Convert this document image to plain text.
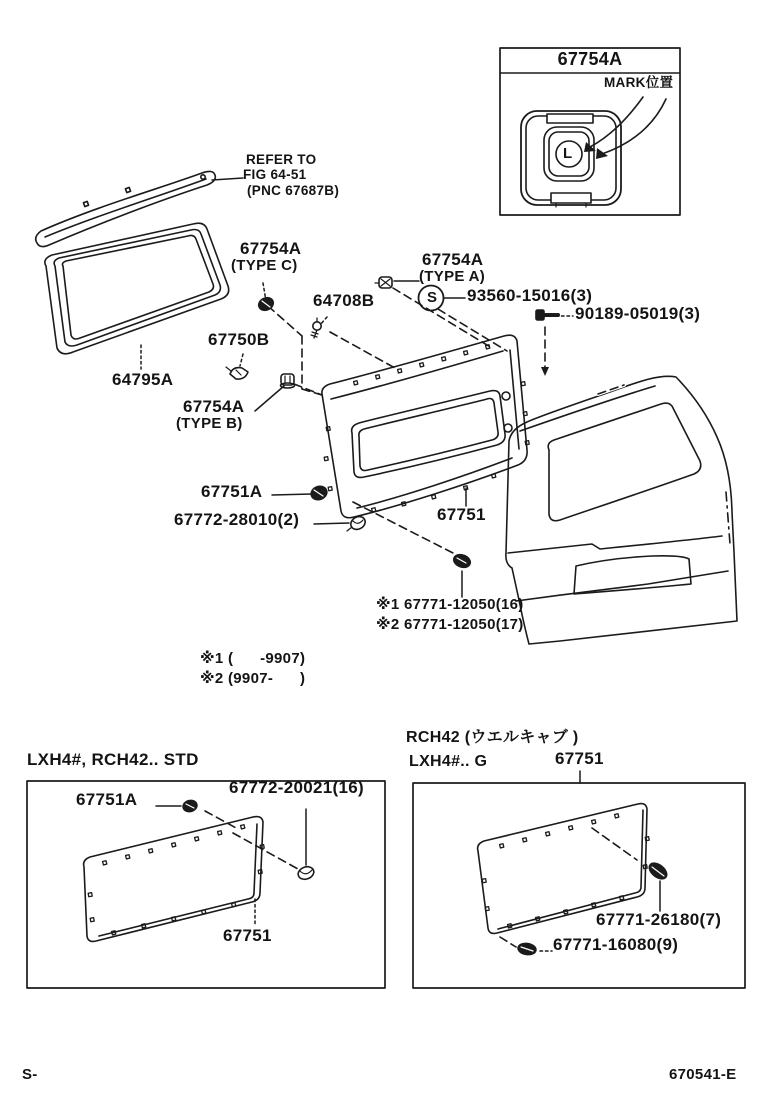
REFER TO
FIG 64-51
(PNC 67687B)
67754A
(TYPE C)	67754A
(TYPE A)
64708B	93560-15016(3)
S
90189-05019(3)
67750B
64795A
67754A
(TYPE B)
67751A
67772-28010(2)	67751
※1 67771-12050(16)
※2 67771-12050(17)
※1 (      -9907)
※2 (9907-      )
LXH4#, RCH42.. STD
67751A
67772-20021(16)
67751
RCH42 (ウエルキャブ )
LXH4#.. G	67751
67771-26180(7)
67771-16080(9)
67754A
MARK位置
L
S-	670541-E
